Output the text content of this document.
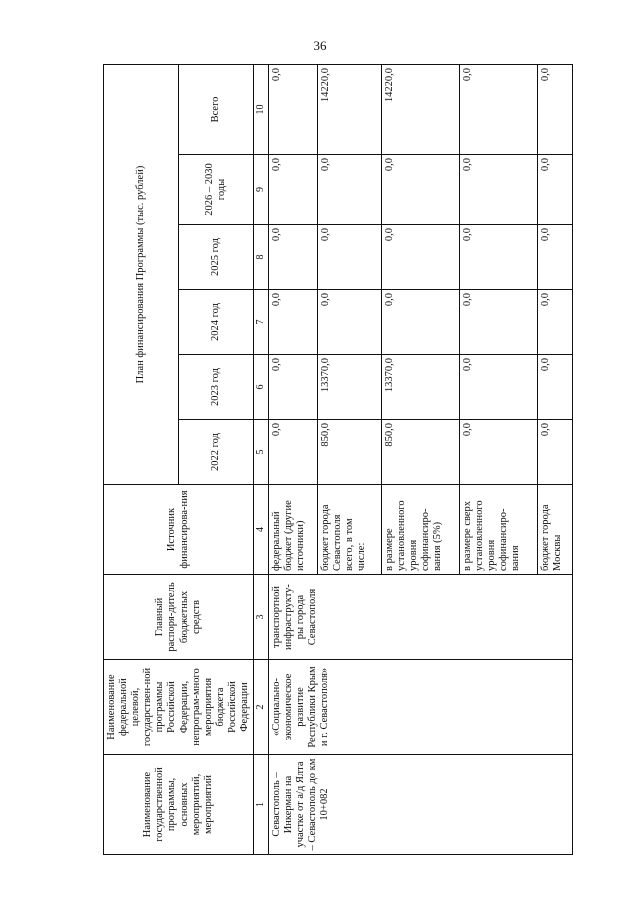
36
Наименование государственной программы, основных мероприятий, мероприятий	Наименование федеральной целевой, государствен-ной программы Российской Федерации, непрограм-много мероприятия бюджета Российской Федерации	Главный распоря-дитель бюджетных средств	Источник финансирова-ния	План финансирования Программы (тыс. рублей)					
				2022 год	2023 год	2024 год	2025 год	2026 – 2030 годы	Всего
1	2	3	4	5	6	7	8	9	10
Севастополь – Инкерман на участке от а/д Ялта – Севастополь до км 10+082	«Социально-экономическое развитие Республики Крым и г. Севастополя»	транспортной инфраструкту-ры города Севастополя	федеральный бюджет (другие источники)	0,0	0,0	0,0	0,0	0,0	0,0
			бюджет города Севастополя всего, в том числе:	850,0	13370,0	0,0	0,0	0,0	14220,0
			в размере установленного уровня софинансиро-вания (5%)	850,0	13370,0	0,0	0,0	0,0	14220,0
			в размере сверх установленного уровня софинансиро-вания	0,0	0,0	0,0	0,0	0,0	0,0
			бюджет города Москвы	0,0	0,0	0,0	0,0	0,0	0,0
